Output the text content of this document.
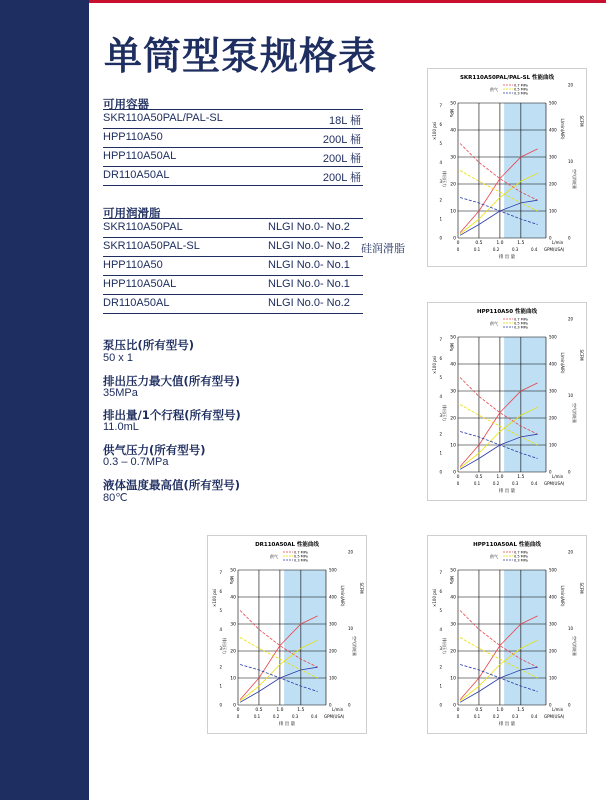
单筒型泵规格表
可用容器
SKR110A50PAL/PAL-SL	18L 桶
HPP110A50	200L 桶
HPP110A50AL	200L 桶
DR110A50AL	200L 桶
可用润滑脂
SKR110A50PAL	NLGI No.0- No.2
SKR110A50PAL-SL	NLGI No.0- No.2	硅润滑脂
HPP110A50	NLGI No.0- No.1
HPP110A50AL	NLGI No.0- No.1
DR110A50AL	NLGI No.0- No.2
泵压比(所有型号)
50 x 1
排出压力最大值(所有型号)
35MPa
排出量/1个行程(所有型号)
11.0mL
供气压力(所有型号)
0.3 – 0.7MPa
液体温度最高值(所有型号)
80℃
SKR110A50PAL/PAL-SL 性能曲线
供气
0.7 MPa
0.5 MPa
0.3 MPa
0
10
20
30
40
50
0
1
2
3
4
5
6
7
0
100
200
300
400
500
0
10
20
0	0.5	1.0	1.5	L/min
0	0.1	0.2	0.3	0.4 GPM(USA)
排 出 量
×100 psi
MPa
排出压力
L/min(AIR)	SCFM
空气消耗量
HPP110A50 性能曲线
供气
0.7 MPa
0.5 MPa
0.3 MPa
0
10
20
30
40
50
0
1
2
3
4
5
6
7
0
100
200
300
400
500
0
10
20
0	0.5	1.0	1.5	L/min
0	0.1	0.2	0.3	0.4 GPM(USA)
排 出 量
×100 psi
MPa
排出压力
L/min(AIR)	SCFM
空气消耗量
DR110A50AL 性能曲线
供气
0.7 MPa
0.5 MPa
0.3 MPa
0
10
20
30
40
50
0
1
2
3
4
5
6
7
0
100
200
300
400
500
0
10
20
0	0.5	1.0	1.5	L/min
0	0.1	0.2	0.3	0.4 GPM(USA)
排 出 量
×100 psi
MPa
排出压力
L/min(AIR)	SCFM
空气消耗量
HPP110A50AL 性能曲线
供气
0.7 MPa
0.5 MPa
0.3 MPa
0
10
20
30
40
50
0
1
2
3
4
5
6
7
0
100
200
300
400
500
0
10
20
0	0.5	1.0	1.5	L/min
0	0.1	0.2	0.3	0.4 GPM(USA)
排 出 量
×100 psi
MPa
排出压力
L/min(AIR)	SCFM
空气消耗量
